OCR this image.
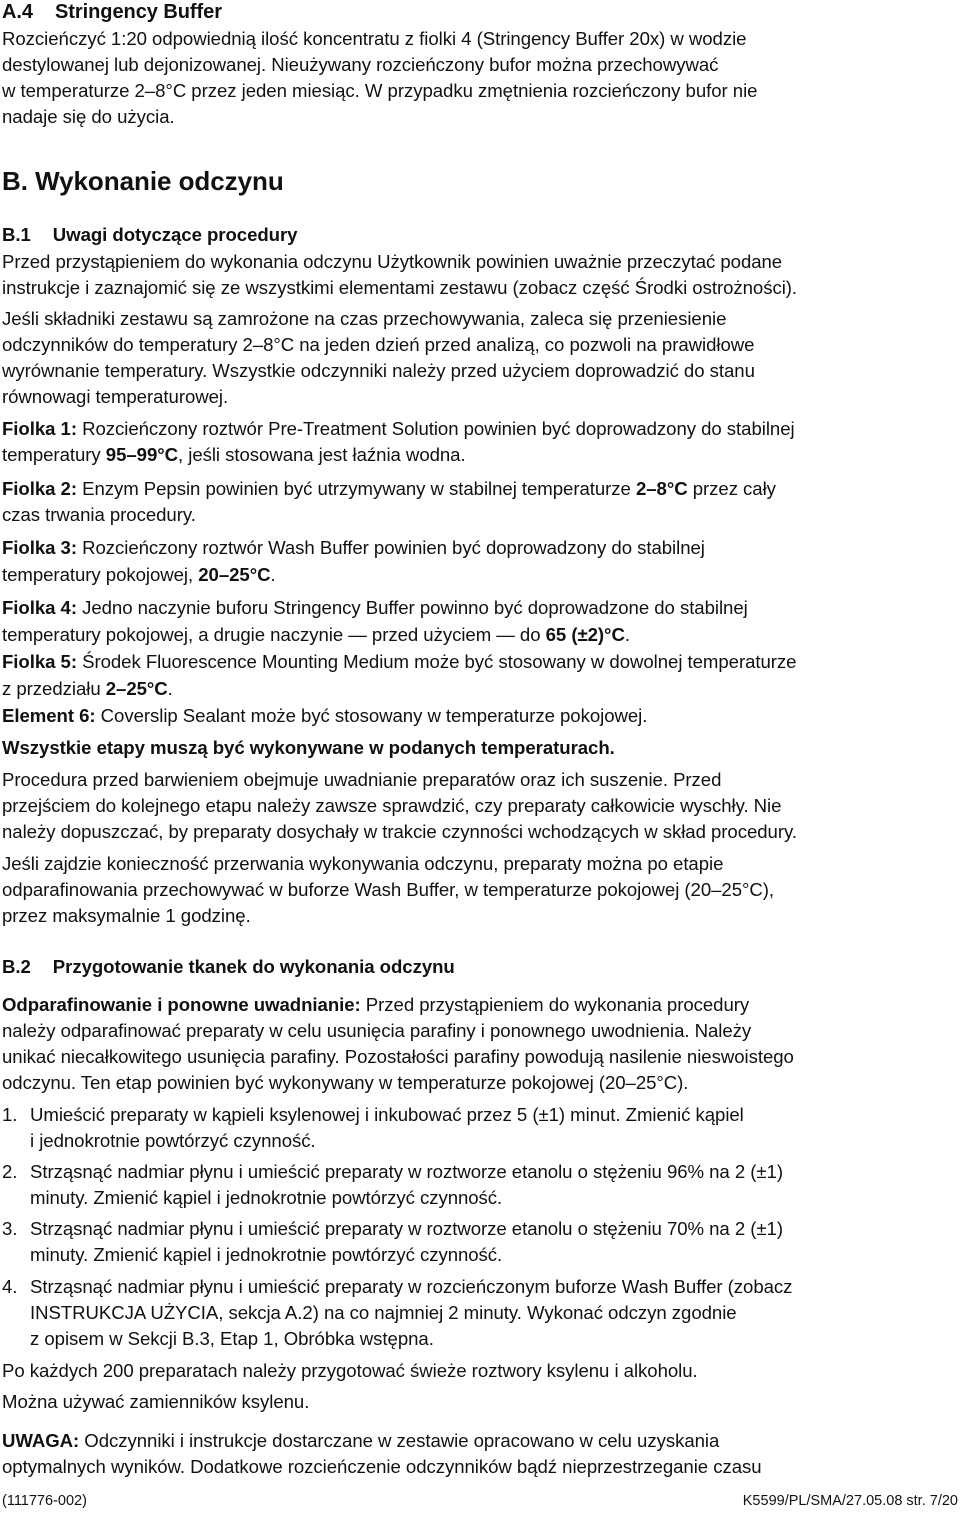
A.4 Stringency Buffer
Rozcieńczyć 1:20 odpowiednią ilość koncentratu z fiolki 4 (Stringency Buffer 20x) w wodzie
destylowanej lub dejonizowanej. Nieużywany rozcieńczony bufor można przechowywać
w temperaturze 2–8°C przez jeden miesiąc. W przypadku zmętnienia rozcieńczony bufor nie
nadaje się do użycia.
B. Wykonanie odczynu
B.1 Uwagi dotyczące procedury
Przed przystąpieniem do wykonania odczynu Użytkownik powinien uważnie przeczytać podane
instrukcje i zaznajomić się ze wszystkimi elementami zestawu (zobacz część Środki ostrożności).
Jeśli składniki zestawu są zamrożone na czas przechowywania, zaleca się przeniesienie
odczynników do temperatury 2–8°C na jeden dzień przed analizą, co pozwoli na prawidłowe
wyrównanie temperatury. Wszystkie odczynniki należy przed użyciem doprowadzić do stanu
równowagi temperaturowej.
Fiolka 1: Rozcieńczony roztwór Pre-Treatment Solution powinien być doprowadzony do stabilnej
temperatury 95–99°C, jeśli stosowana jest łaźnia wodna.
Fiolka 2: Enzym Pepsin powinien być utrzymywany w stabilnej temperaturze 2–8°C przez cały
czas trwania procedury.
Fiolka 3: Rozcieńczony roztwór Wash Buffer powinien być doprowadzony do stabilnej
temperatury pokojowej, 20–25°C.
Fiolka 4: Jedno naczynie buforu Stringency Buffer powinno być doprowadzone do stabilnej
temperatury pokojowej, a drugie naczynie — przed użyciem — do 65 (±2)°C.
Fiolka 5: Środek Fluorescence Mounting Medium może być stosowany w dowolnej temperaturze
z przedziału 2–25°C.
Element 6: Coverslip Sealant może być stosowany w temperaturze pokojowej.
Wszystkie etapy muszą być wykonywane w podanych temperaturach.
Procedura przed barwieniem obejmuje uwadnianie preparatów oraz ich suszenie. Przed
przejściem do kolejnego etapu należy zawsze sprawdzić, czy preparaty całkowicie wyschły. Nie
należy dopuszczać, by preparaty dosychały w trakcie czynności wchodzących w skład procedury.
Jeśli zajdzie konieczność przerwania wykonywania odczynu, preparaty można po etapie
odparafinowania przechowywać w buforze Wash Buffer, w temperaturze pokojowej (20–25°C),
przez maksymalnie 1 godzinę.
B.2 Przygotowanie tkanek do wykonania odczynu
Odparafinowanie i ponowne uwadnianie: Przed przystąpieniem do wykonania procedury
należy odparafinować preparaty w celu usunięcia parafiny i ponownego uwodnienia. Należy
unikać niecałkowitego usunięcia parafiny. Pozostałości parafiny powodują nasilenie nieswoistego
odczynu. Ten etap powinien być wykonywany w temperaturze pokojowej (20–25°C).
1. Umieścić preparaty w kąpieli ksylenowej i inkubować przez 5 (±1) minut. Zmienić kąpiel
i jednokrotnie powtórzyć czynność.
2. Strząsnąć nadmiar płynu i umieścić preparaty w roztworze etanolu o stężeniu 96% na 2 (±1)
minuty. Zmienić kąpiel i jednokrotnie powtórzyć czynność.
3. Strząsnąć nadmiar płynu i umieścić preparaty w roztworze etanolu o stężeniu 70% na 2 (±1)
minuty. Zmienić kąpiel i jednokrotnie powtórzyć czynność.
4. Strząsnąć nadmiar płynu i umieścić preparaty w rozcieńczonym buforze Wash Buffer (zobacz
INSTRUKCJA UŻYCIA, sekcja A.2) na co najmniej 2 minuty. Wykonać odczyn zgodnie
z opisem w Sekcji B.3, Etap 1, Obróbka wstępna.
Po każdych 200 preparatach należy przygotować świeże roztwory ksylenu i alkoholu.
Można używać zamienników ksylenu.
UWAGA: Odczynniki i instrukcje dostarczane w zestawie opracowano w celu uzyskania
optymalnych wyników. Dodatkowe rozcieńczenie odczynników bądź nieprzestrzeganie czasu
(111776-002)	K5599/PL/SMA/27.05.08 str. 7/20
